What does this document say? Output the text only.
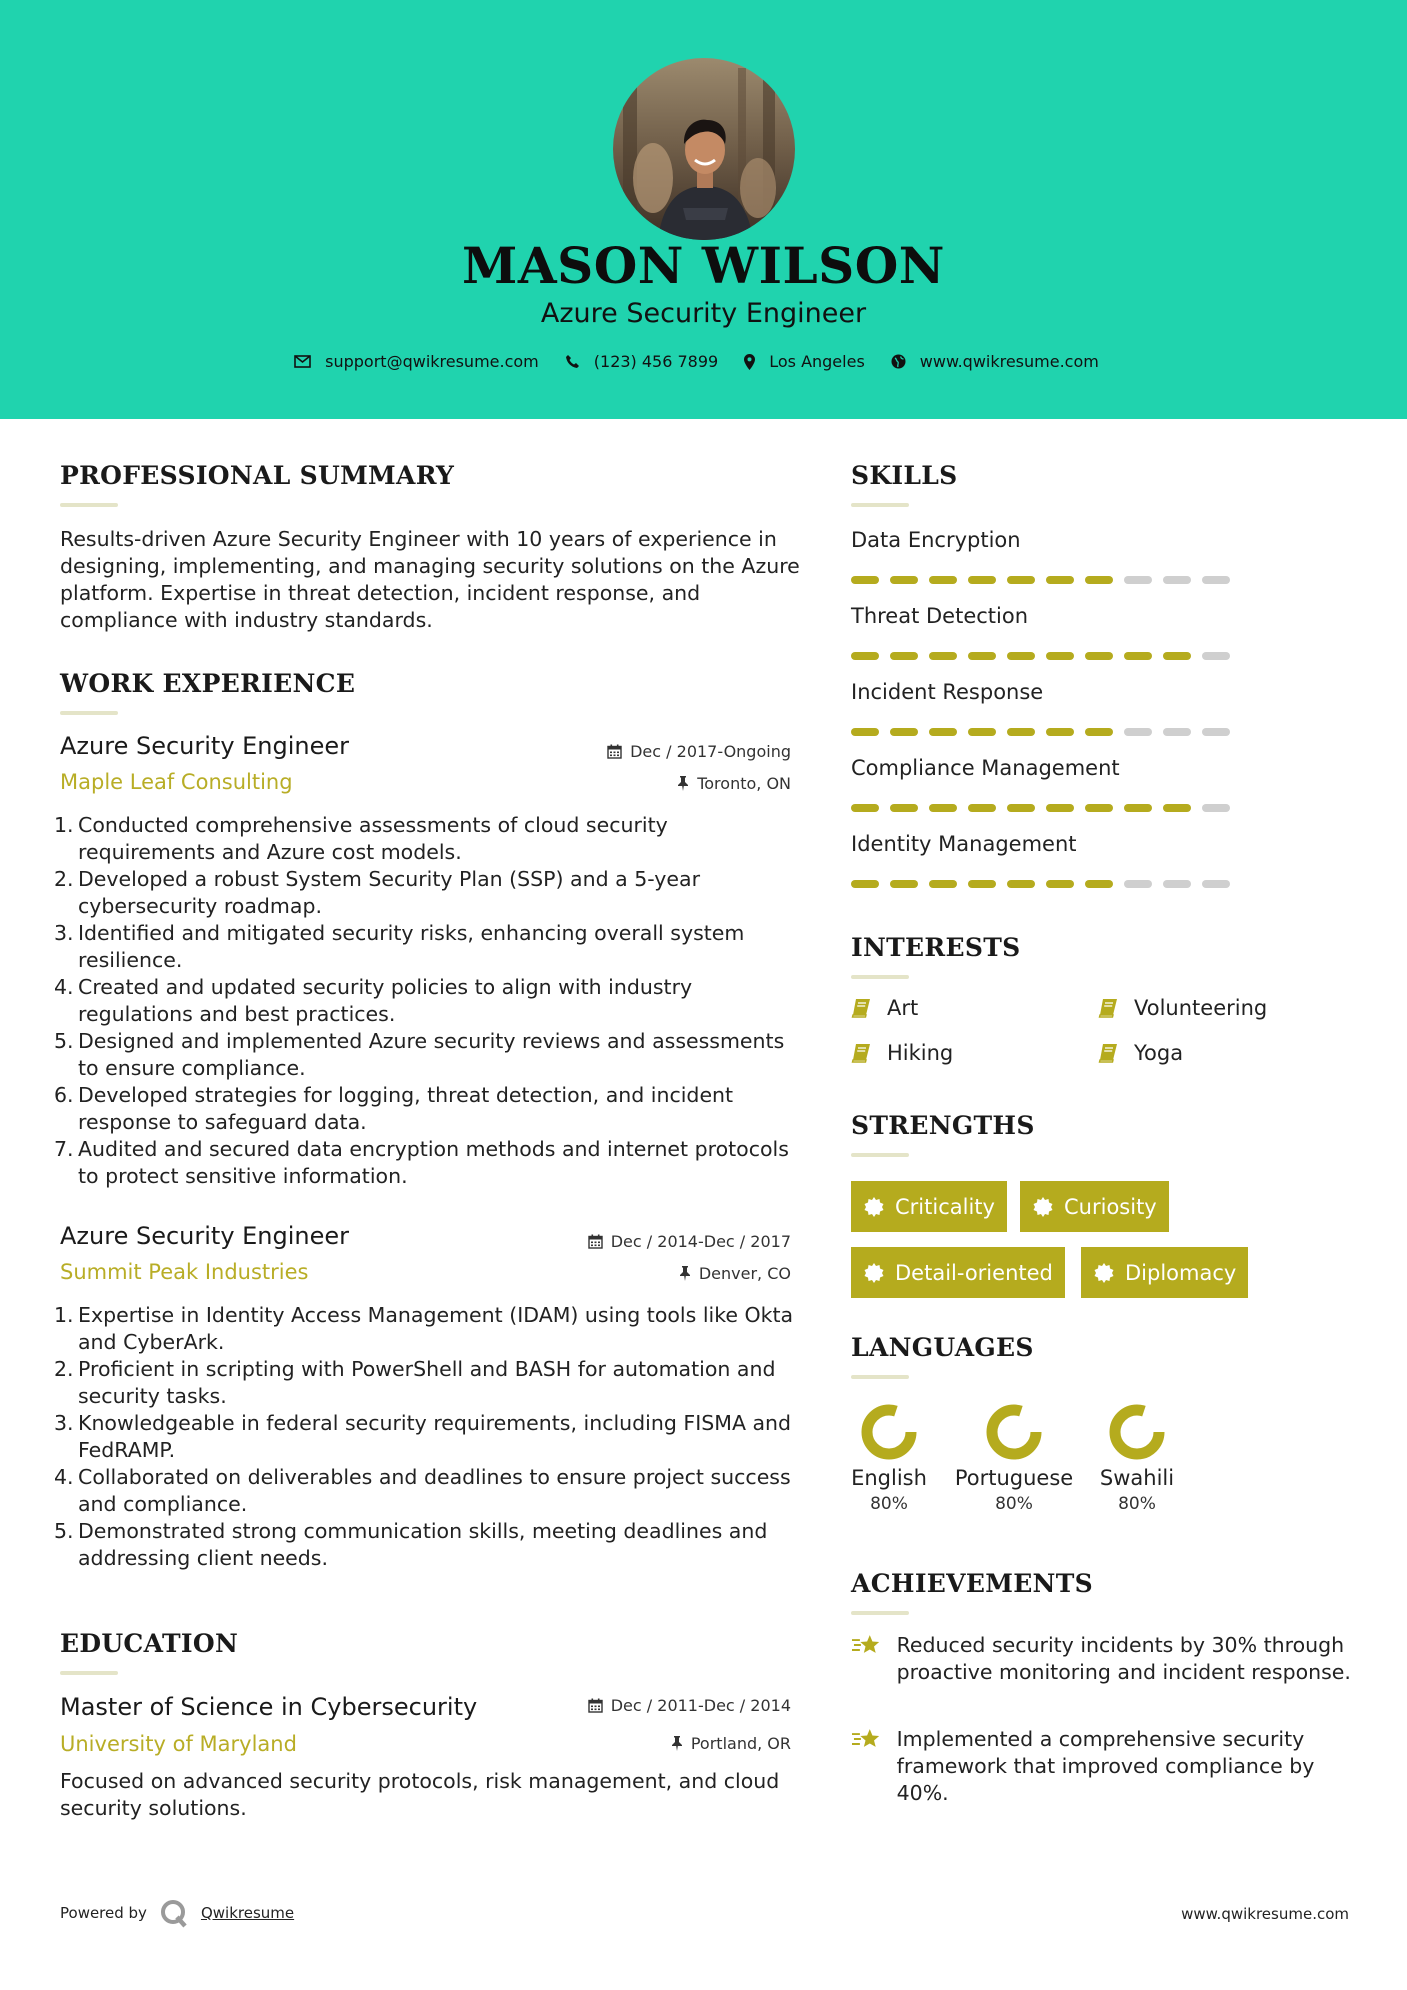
MASON WILSON
Azure Security Engineer
support@qwikresume.com	(123) 456 7899	Los Angeles	www.qwikresume.com
PROFESSIONAL SUMMARY
Results-driven Azure Security Engineer with 10 years of experience in designing, implementing, and managing security solutions on the Azure platform. Expertise in threat detection, incident response, and compliance with industry standards.
WORK EXPERIENCE
Azure Security Engineer
Maple Leaf Consulting
Dec / 2017-Ongoing
Toronto, ON
1. Conducted comprehensive assessments of cloud security requirements and Azure cost models.
2. Developed a robust System Security Plan (SSP) and a 5-year cybersecurity roadmap.
3. Identified and mitigated security risks, enhancing overall system resilience.
4. Created and updated security policies to align with industry regulations and best practices.
5. Designed and implemented Azure security reviews and assessments to ensure compliance.
6. Developed strategies for logging, threat detection, and incident response to safeguard data.
7. Audited and secured data encryption methods and internet protocols to protect sensitive information.
Azure Security Engineer
Summit Peak Industries
Dec / 2014-Dec / 2017
Denver, CO
1. Expertise in Identity Access Management (IDAM) using tools like Okta and CyberArk.
2. Proficient in scripting with PowerShell and BASH for automation and security tasks.
3. Knowledgeable in federal security requirements, including FISMA and FedRAMP.
4. Collaborated on deliverables and deadlines to ensure project success and compliance.
5. Demonstrated strong communication skills, meeting deadlines and addressing client needs.
EDUCATION
Master of Science in Cybersecurity
University of Maryland
Dec / 2011-Dec / 2014
Portland, OR
Focused on advanced security protocols, risk management, and cloud security solutions.
SKILLS
Data Encryption
Threat Detection
Incident Response
Compliance Management
Identity Management
INTERESTS
Art	Volunteering
Hiking	Yoga
STRENGTHS
Criticality	Curiosity
Detail-oriented	Diplomacy
LANGUAGES
English
80%
Portuguese
80%
Swahili
80%
ACHIEVEMENTS
Reduced security incidents by 30% through proactive monitoring and incident response.
Implemented a comprehensive security framework that improved compliance by 40%.
Powered by	Qwikresume	www.qwikresume.com
